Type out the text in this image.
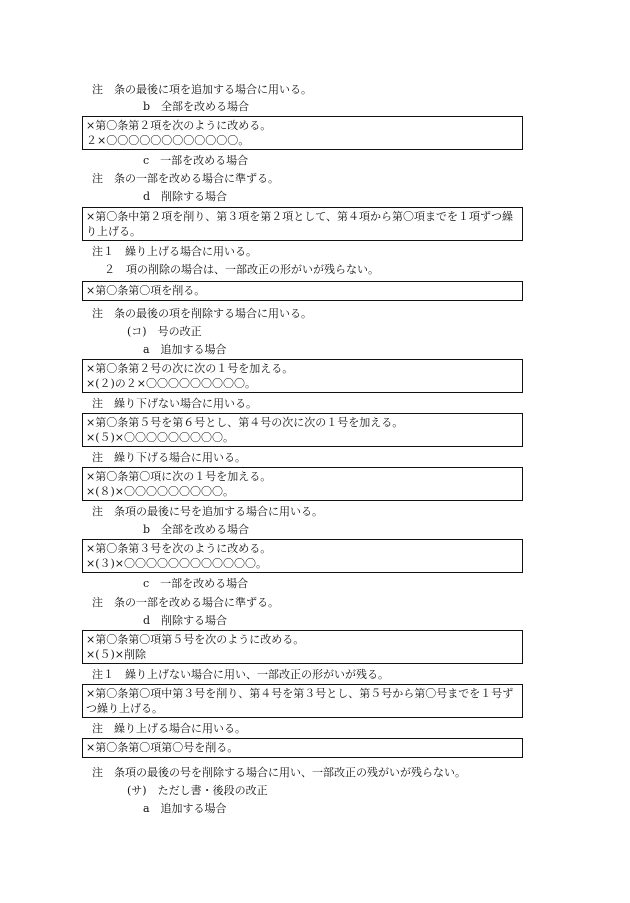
注　条の最後に項を追加する場合に用いる。
b　全部を改める場合
×第〇条第２項を次のように改める。
２×〇〇〇〇〇〇〇〇〇〇〇〇。
c　一部を改める場合
注　条の一部を改める場合に準ずる。
d　削除する場合
×第〇条中第２項を削り、第３項を第２項として、第４項から第〇項までを１項ずつ繰り上げる。
注１　繰り上げる場合に用いる。
２　項の削除の場合は、一部改正の形がいが残らない。
×第〇条第〇項を削る。
注　条の最後の項を削除する場合に用いる。
(コ)　号の改正
a　追加する場合
×第〇条第２号の次に次の１号を加える。
×(２)の２×〇〇〇〇〇〇〇〇〇。
注　繰り下げない場合に用いる。
×第〇条第５号を第６号とし、第４号の次に次の１号を加える。
×(５)×〇〇〇〇〇〇〇〇〇。
注　繰り下げる場合に用いる。
×第〇条第〇項に次の１号を加える。
×(８)×〇〇〇〇〇〇〇〇〇。
注　条項の最後に号を追加する場合に用いる。
b　全部を改める場合
×第〇条第３号を次のように改める。
×(３)×〇〇〇〇〇〇〇〇〇〇〇〇。
c　一部を改める場合
注　条の一部を改める場合に準ずる。
d　削除する場合
×第〇条第〇項第５号を次のように改める。
×(５)×削除
注１　繰り上げない場合に用い、一部改正の形がいが残る。
×第〇条第〇項中第３号を削り、第４号を第３号とし、第５号から第〇号までを１号ずつ繰り上げる。
注　繰り上げる場合に用いる。
×第〇条第〇項第〇号を削る。
注　条項の最後の号を削除する場合に用い、一部改正の残がいが残らない。
(サ)　ただし書・後段の改正
a　追加する場合
